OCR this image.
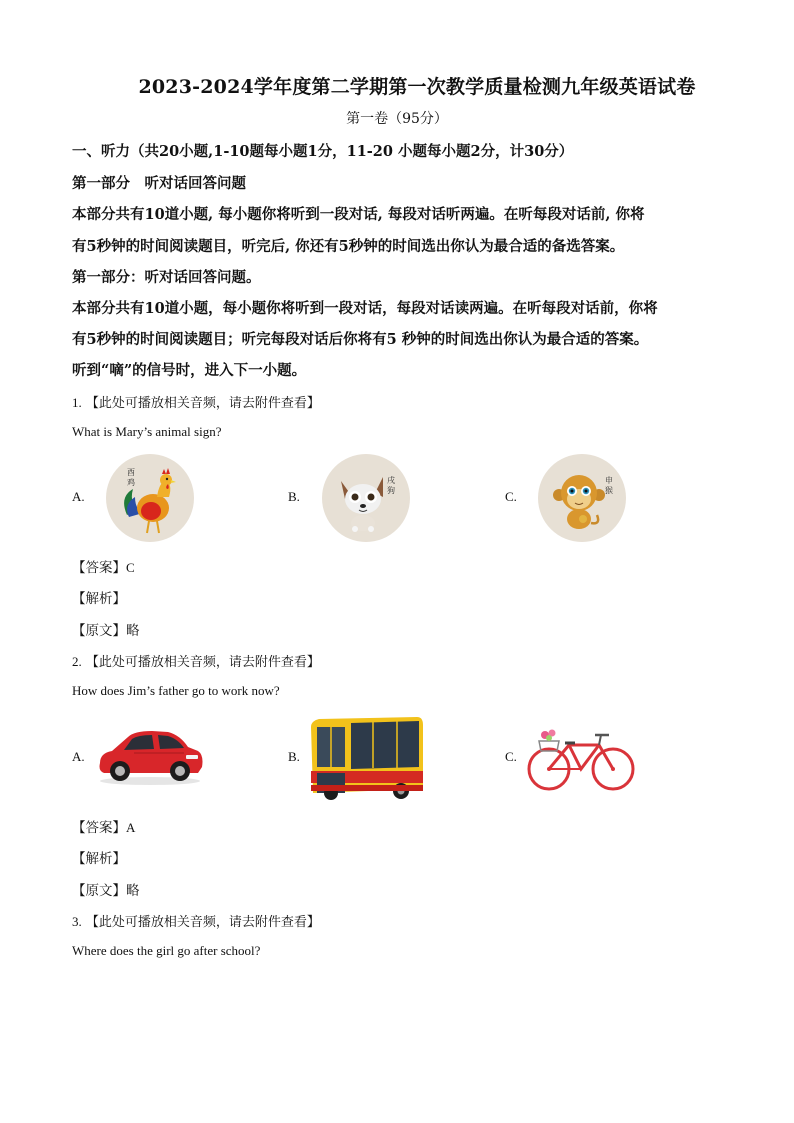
2023-2024学年度第二学期第一次教学质量检测九年级英语试卷
第一卷（95分）
一、听力（共20小题,1-10题每小题1分，11-20 小题每小题2分，计30分）
第一部分　听对话回答问题
本部分共有10道小题, 每小题你将听到一段对话, 每段对话听两遍。在听每段对话前, 你将
有5秒钟的时间阅读题目，听完后, 你还有5秒钟的时间选出你认为最合适的备选答案。
第一部分：听对话回答问题。
本部分共有10道小题，每小题你将听到一段对话，每段对话读两遍。在听每段对话前，你将
有5秒钟的时间阅读题目；听完每段对话后你将有5 秒钟的时间选出你认为最合适的答案。
听到“嘀”的信号时，进入下一小题。
1. 【此处可播放相关音频，请去附件查看】
What is Mary’s animal sign?
A.
酉
鸡
B.
戌
狗	C.
申
猴
【答案】C
【解析】
【原文】略
2. 【此处可播放相关音频，请去附件查看】
How does Jim’s father go to work now?
A.	B.	C.
【答案】A
【解析】
【原文】略
3. 【此处可播放相关音频，请去附件查看】
Where does the girl go after school?
